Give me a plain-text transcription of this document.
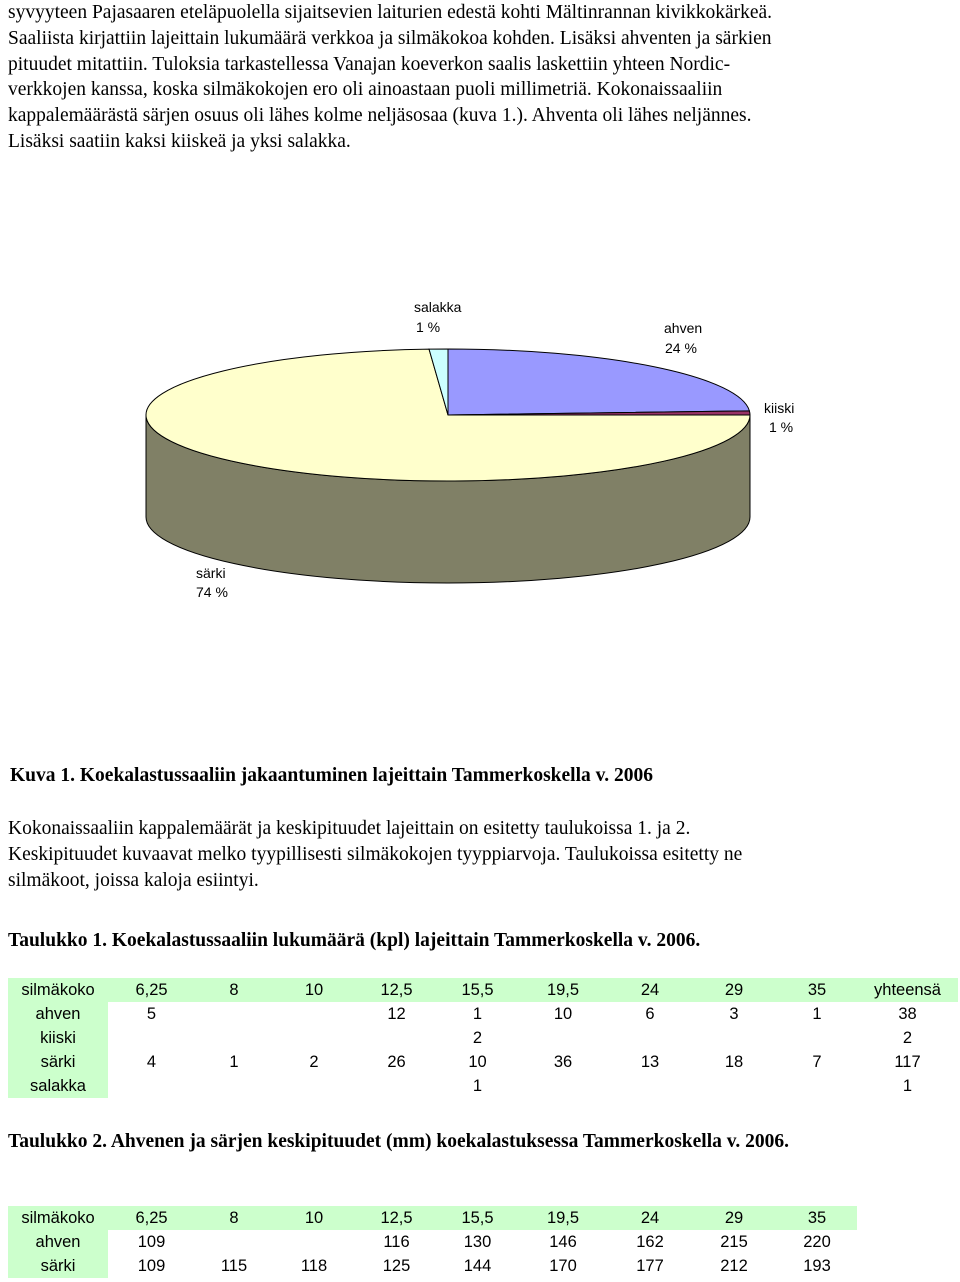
syvyyteen Pajasaaren eteläpuolella sijaitsevien laiturien edestä kohti Mältinrannan kivikkokärkeä.
Saaliista kirjattiin lajeittain lukumäärä verkkoa ja silmäkokoa kohden. Lisäksi ahventen ja särkien
pituudet mitattiin. Tuloksia tarkastellessa Vanajan koeverkon saalis laskettiin yhteen Nordic-
verkkojen kanssa, koska silmäkokojen ero oli ainoastaan puoli millimetriä. Kokonaissaaliin
kappalemäärästä särjen osuus oli lähes kolme neljäsosaa (kuva 1.). Ahventa oli lähes neljännes.
Lisäksi saatiin kaksi kiiskeä ja yksi salakka.
salakka
1 %	ahven
24 %
kiiski
1 %
särki
74 %
Kuva 1. Koekalastussaaliin jakaantuminen lajeittain Tammerkoskella v. 2006
Kokonaissaaliin kappalemäärät ja keskipituudet lajeittain on esitetty taulukoissa 1. ja 2.
Keskipituudet kuvaavat melko tyypillisesti silmäkokojen tyyppiarvoja. Taulukoissa esitetty ne
silmäkoot, joissa kaloja esiintyi.
Taulukko 1. Koekalastussaaliin lukumäärä (kpl) lajeittain Tammerkoskella v. 2006.
silmäkoko	6,25	8	10	12,5	15,5	19,5	24	29	35	yhteensä
ahven	5			12	1	10	6	3	1	38
kiiski					2					2
särki	4	1	2	26	10	36	13	18	7	117
salakka					1					1
Taulukko 2. Ahvenen ja särjen keskipituudet (mm) koekalastuksessa Tammerkoskella v. 2006.
silmäkoko	6,25	8	10	12,5	15,5	19,5	24	29	35
ahven	109			116	130	146	162	215	220
särki	109	115	118	125	144	170	177	212	193
